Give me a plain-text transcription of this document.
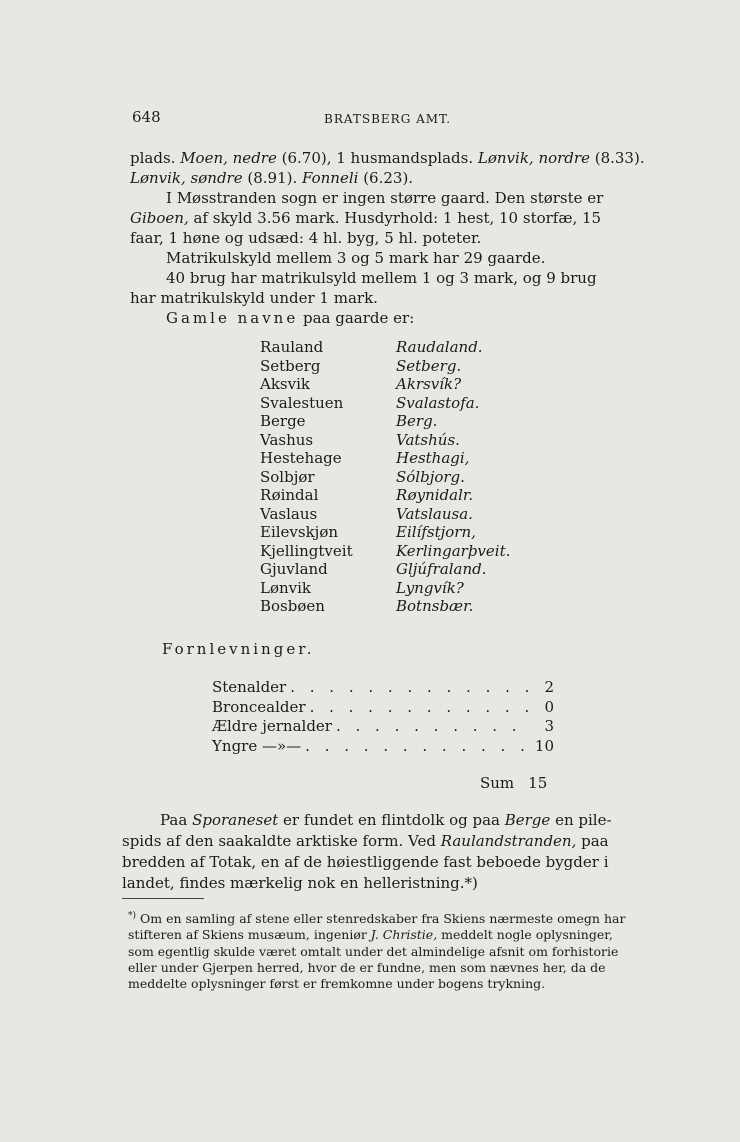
648	BRATSBERG AMT.

plads. Moen, nedre (6.70), 1 husmandsplads. Lønvik, nordre (8.33).

Lønvik, søndre (8.91). Fonneli (6.23).

I Møsstranden sogn er ingen større gaard. Den største er

Giboen, af skyld 3.56 mark. Husdyrhold: 1 hest, 10 storfæ, 15

faar, 1 høne og udsæd: 4 hl. byg, 5 hl. poteter.

Matrikulskyld mellem 3 og 5 mark har 29 gaarde.

40 brug har matrikulsyld mellem 1 og 3 mark, og 9 brug

har matrikulskyld under 1 mark.

Gamle navne paa gaarde er:

Rauland	Raudaland.
Setberg	Setberg.
Aksvik	Akrsvík?
Svalestuen	Svalastofa.
Berge	Berg.
Vashus	Vatshús.
Hestehage	Hesthagi,
Solbjør	Sólbjorg.
Røindal	Røynidalr.
Vaslaus	Vatslausa.
Eilevskjøn	Eilífstjorn,
Kjellingtveit	Kerlingarþveit.
Gjuvland	Gljúfraland.
Lønvik	Lyngvík?
Bosbøen	Botnsbær.
Fornlevninger.
Stenalder . . .	2
Broncealder . . .	0
Ældre jernalder . . .	3
Yngre —»— . . .	10
Sum 15

Paa Sporaneset er fundet en flintdolk og paa Berge en pile-spids af den saakaldte arktiske form. Ved Raulandstranden, paa bredden af Totak, en af de høiestliggende fast beboede bygder i landet, findes mærkelig nok en helleristning.*)

*) Om en samling af stene eller stenredskaber fra Skiens nærmeste omegn har stifteren af Skiens musæum, ingeniør J. Christie, meddelt nogle oplysninger, som egentlig skulde været omtalt under det almindelige afsnit om forhistorie eller under Gjerpen herred, hvor de er fundne, men som nævnes her, da de meddelte oplysninger først er fremkomne under bogens trykning.
